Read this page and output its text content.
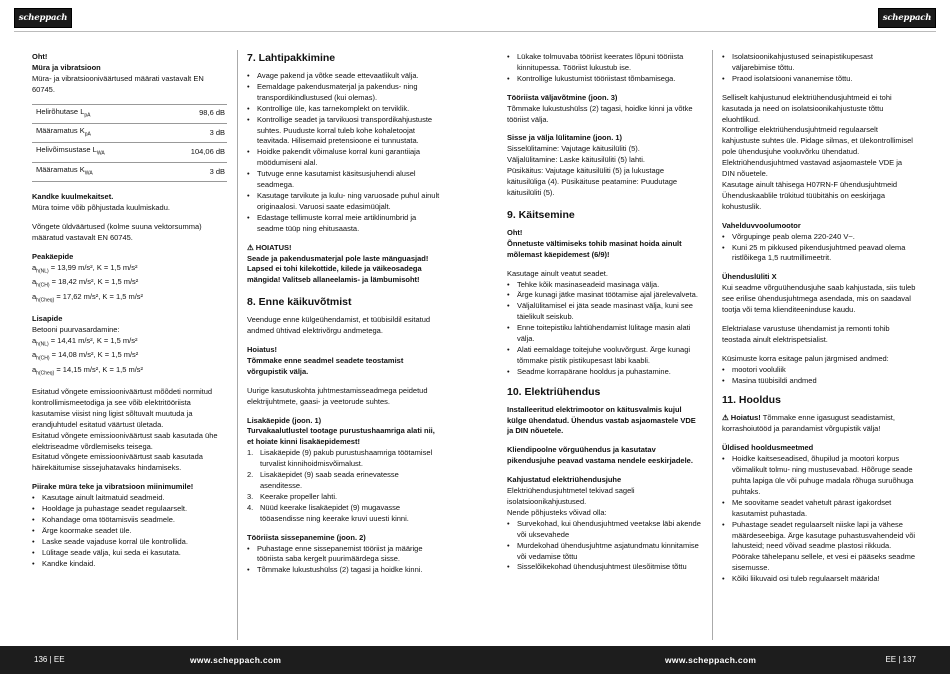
scheppach	scheppach
Oht!
Müra ja vibratsioon

Müra- ja vibratsiooniväärtused määrati vastavalt EN 60745.

Helirõhutase $L_{pA}$	98,6 dB
Määramatus $K_{pA}$	3 dB
Helivõimsustase $L_{WA}$	104,06 dB
Määramatus $K_{WA}$	3 dB
Kandke kuulmekaitset.

Müra toime võib põhjustada kuulmiskadu.

Võngete üldväärtused (kolme suuna vektorsumma) määratud vastavalt EN 60745.

Peakäepide
$a_{h(NL)} = 13,99$ m/s², K = 1,5 m/s²
$a_{h(CH)} = 18,42$ m/s², K = 1,5 m/s²
$a_{h(Cheq)} = 17,62$ m/s², K = 1,5 m/s²
Lisapide
Betooni puurvasardamine:
$a_{h(NL)} = 14,41$ m/s², K = 1,5 m/s²
$a_{h(CH)} = 14,08$ m/s², K = 1,5 m/s²
$a_{h(Cheq)} = 14,15$ m/s², K = 1,5 m/s²

Esitatud võngete emissiooniväärtust mõõdeti normitud kontrollimismeetodiga ja see võib elektritööriista kasutamise viisist ning ligist sõltuvalt muutuda ja erandjuhtudel esitatud väärtust ületada.
Esitatud võngete emissiooniväärtust saab kasutada ühe elektriseadme võrdlemiseks teisega.
Esitatud võngete emissiooniväärtust saab kasutada häirekäitumise sissejuhatavaks hindamiseks.

Piirake müra teke ja vibratsioon miinimumile!
• Kasutage ainult laitmatuid seadmeid.
• Hooldage ja puhastage seadet regulaarselt.
• Kohandage oma töötamisviis seadmele.
• Ärge koormake seadet üle.
• Laske seade vajaduse korral üle kontrollida.
• Lülitage seade välja, kui seda ei kasutata.
• Kandke kindaid.
7. Lahtipakkimine
• Avage pakend ja võtke seade ettevaatlikult välja.
• Eemaldage pakendusmaterjal ja pakendus- ning transpordikindlustused (kui olemas).
• Kontrollige üle, kas tarnekomplekt on terviklik.
• Kontrollige seadet ja tarvikuosi transpordikahjustuste suhtes. Puuduste korral tuleb kohe kohaletoojat teavitada. Hilisemaid pretensioone ei tunnustata.
• Hoidke pakendit võimaluse korral kuni garantiiaja möödumiseni alal.
• Tutvuge enne kasutamist käsitsusjuhendi alusel seadmega.
• Kasutage tarvikute ja kulu- ning varuosade puhul ainult originaalosi. Varuosi saate edasimüüjalt.
• Edastage tellimuste korral meie artiklinumbrid ja seadme tüüp ning ehitusaasta.
⚠ HOIATUS!

Seade ja pakendusmaterjal pole laste mänguasjad! Lapsed ei tohi kilekottide, kilede ja väikeosadega mängida! Valitseb allaneelamis- ja lämbumisoht!

8. Enne käikuvõtmist

Veenduge enne külgeühendamist, et tüübisildil esitatud andmed ühtivad elektrivõrgu andmetega.

Hoiatus!

Tõmmake enne seadmel seadete teostamist võrgupistik välja.

Uurige kasutuskohta juhtmestamisseadmega peidetud elektrijuhtmete, gaasi- ja veetorude suhtes.

Lisakäepide (joon. 1)
Turvakaalutlustel tootage purustushaamriga alati nii, et hoiate kinni lisakäepidemest!
1. Lisakäepide (9) pakub purustushaamriga töötamisel turvalist kinnihoidmisvõimalust.
2. Lisakäepidet (9) saab seada erinevatesse asenditesse.
3. Keerake propeller lahti.
4. Nüüd keerake lisakäepidet (9) mugavasse tööasendisse ning keerake kruvi uuesti kinni.
Tööriista sissepanemine (joon. 2)
• Puhastage enne sissepanemist tööriist ja määrige tööriista saba kergelt puurimäärdega sisse.
• Tõmmake lukustushülss (2) tagasi ja hoidke kinni.
• Lükake tolmuvaba tööriist keerates lõpuni tööriista kinnitupessa. Tööriist lukustub ise.
• Kontrollige lukustumist tööriistast tõmbamisega.
Tööriista väljavõtmine (joon. 3)

Tõmmake lukustushülss (2) tagasi, hoidke kinni ja võtke tööriist välja.

Sisse ja välja lülitamine (joon. 1)

Sisselülitamine: Vajutage käitusilüliti (5).
Väljalülitamine: Laske käitusilüliti (5) lahti.
Püsikäitus: Vajutage käitusilüliti (5) ja lukustage käitusilüliga (4). Püsikäituse peatamine: Puudutage käitusilüliti (5).

9. Käitsemine
Oht!

Õnnetuste vältimiseks tohib masinat hoida ainult mõlemast käepidemest (6/9)!

Kasutage ainult veatut seadet.
• Tehke kõik masinaseadeid masinaga välja.
• Ärge kunagi jätke masinat töötamise ajal järelevalveta.
• Väljalülitamisel ei jäta seade masinast välja, kuni see täielikult seiskub.
• Enne toitepistiku lahtiühendamist lülitage masin alati välja.
• Alati eemaldage toitejuhe vooluvõrgust. Ärge kunagi tõmmake pistik pistikupesast läbi kaabli.
• Seadme korrapärane hooldus ja puhastamine.
10. Elektriühendus

Installeeritud elektrimootor on käitusvalmis kujul külge ühendatud. Ühendus vastab asjaomastele VDE ja DIN nõuetele.

Kliendipoolne võrguühendus ja kasutatav pikendusjuhe peavad vastama nendele eeskirjadele.

Kahjustatud elektriühendusjuhe
Elektriühendusjuhtmetel tekivad sageli isolatsioonikahjustused.
Nende põhjusteks võivad olla:
• Survekohad, kui ühendusjuhtmed veetakse läbi akende või uksevahede
• Murdekohad ühendusjuhtme asjatundmatu kinnitamise või vedamise tõttu
• Sisselõikekohad ühendusjuhtmest ülesõitmise tõttu
• Isolatsioonikahjustused seinapistikupesast väljarebimise tõttu.
• Praod isolatsiooni vananemise tõttu.

Selliselt kahjustunud elektriühendusjuhtmeid ei tohi kasutada ja need on isolatsioonikahjustuste tõttu eluohtlikud.
Kontrollige elektriühendusjuhtmeid regulaarselt kahjustuste suhtes üle. Pidage silmas, et ülekontrollimisel pole ühendusjuhe vooluvõrku ühendatud.
Elektriühendusjuhtmed vastavad asjaomastele VDE ja DIN nõuetele.
Kasutage ainult tähisega H07RN-F ühendusjuhtmeid
Ühenduskaablile trükitud tüübitähis on eeskirjaga kohustuslik.

Vahelduvvoolumootor
• Võrgupinge peab olema 220-240 V~.
• Kuni 25 m pikkused pikendusjuhtmed peavad olema ristlõikega 1,5 ruutmillimeetrit.
Ühenduslüliti X

Kui seadme võrguühendusjuhe saab kahjustada, siis tuleb see erilise ühendusjuhtmega asendada, mis on saadaval tootja või tema klienditeeninduse kaudu.

Elektrialase varustuse ühendamist ja remonti tohib teostada ainult elektrispetsialist.

Küsimuste korra esitage palun järgmised andmed:
• mootori vooluliik
• Masina tüübisildi andmed
11. Hooldus

⚠ Hoiatus! Tõmmake enne igasugust seadistamist, korrashoiutööd ja parandamist võrgupistik välja!

Üldised hooldusmeetmed
• Hoidke kaitseseadised, õhupilud ja mootori korpus võimalikult tolmu- ning mustusevabad. Hõõruge seade puhta lapiga üle või puhuge madala rõhuga suruõhuga puhtaks.
• Me soovitame seadet vahetult pärast igakordset kasutamist puhastada.
• Puhastage seadet regulaarselt niiske lapi ja vähese määrdeseebiga. Ärge kasutage puhastusvahendeid või lahusteid; need võivad seadme plastosi rikkuda. Pöörake tähelepanu sellele, et vesi ei pääseks seadme sisemusse.
• Kõiki liikuvaid osi tuleb regulaarselt määrida!
136 | EE	www.scheppach.com	www.scheppach.com	EE | 137
